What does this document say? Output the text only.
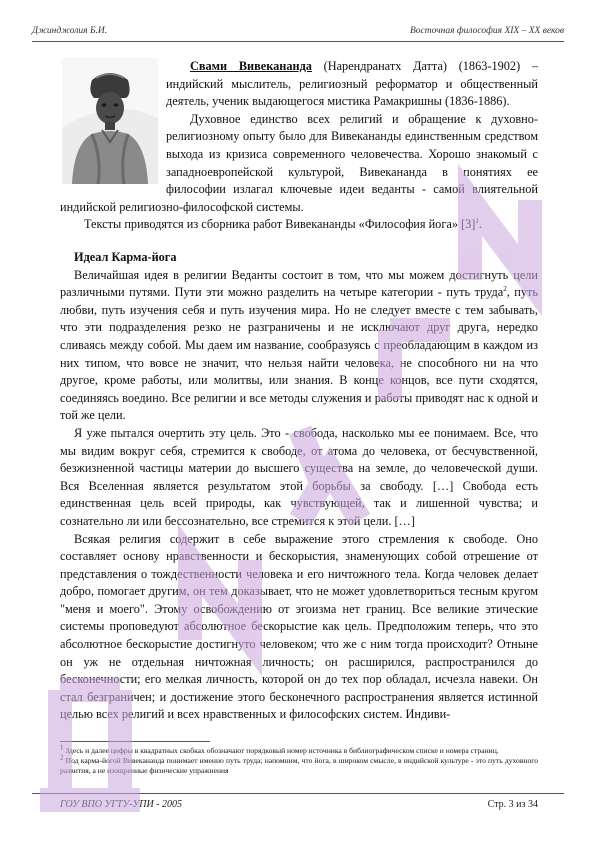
Джинджолия Б.И.	Восточная философия XIX – XX веков

Свами Вивекананда (Нарендранатх Датта) (1863-1902) – индийский мыслитель, религиозный реформатор и общественный деятель, ученик выдающегося мистика Рамакришны (1836-1886).

Духовное единство всех религий и обращение к духовно-религиозному опыту было для Вивекананды единственным средством выхода из кризиса современного человечества. Хорошо знакомый с западноевропейской культурой, Вивекананда в понятиях ее философии излагал ключевые идеи веданты - самой влиятельной индийской религиозно-философской системы.

Тексты приводятся из сборника работ Вивекананды «Философия йога» $[3]^1$.

Идеал Карма-йога

Величайшая идея в религии Веданты состоит в том, что мы можем достигнуть цели различными путями. Пути эти можно разделить на четыре категории - путь труда$^2$, путь любви, путь изучения себя и путь изучения мира. Но не следует вместе с тем забывать, что эти подразделения резко не разграничены и не исключают друг друга, нередко сливаясь между собой. Мы даем им название, сообразуясь с преобладающим в каждом из них типом, что вовсе не значит, что нельзя найти человека, не способного ни на что другое, кроме работы, или молитвы, или знания. В конце концов, все пути сходятся, соединяясь воедино. Все религии и все методы служения и работы приводят нас к одной и той же цели.

Я уже пытался очертить эту цель. Это - свобода, насколько мы ее понимаем. Все, что мы видим вокруг себя, стремится к свободе, от атома до человека, от бесчувственной, безжизненной частицы материи до высшего существа на земле, до человеческой души. Вся Вселенная является результатом этой борьбы за свободу. […] Свобода есть единственная цель всей природы, как чувствующей, так и лишенной чувства; и сознательно ли или бессознательно, все стремится к этой цели. […]

Всякая религия содержит в себе выражение этого стремления к свободе. Оно составляет основу нравственности и бескорыстия, знаменующих собой отрешение от представления о тождественности человека и его ничтожного тела. Когда человек делает добро, помогает другим, он тем доказывает, что не может удовлетвориться тесным кругом "меня и моего". Этому освобождению от эгоизма нет границ. Все великие этические системы проповедуют абсолютное бескорыстие как цель. Предположим теперь, что это абсолютное бескорыстие достигнуто человеком; что же с ним тогда происходит? Отныне он уж не отдельная ничтожная личность; он расширился, распространился до бесконечности; его мелкая личность, которой он до тех пор обладал, исчезла навеки. Он стал безграничен; и достижение этого бесконечного распространения является истинной целью всех религий и всех нравственных и философских систем. Индиви-

$^1$ Здесь и далее цифры в квадратных скобках обозначают порядковый номер источника в библиографическом списке и номера страниц.

$^2$ Под карма-йогой Вивекананда понимает именно путь труда; напомним, что йога, в широком смысле, в индийской культуре - это путь духовного развития, а не изощренные физические упражнения

ГОУ ВПО УГТУ-УПИ - 2005	Стр. 3 из 34
